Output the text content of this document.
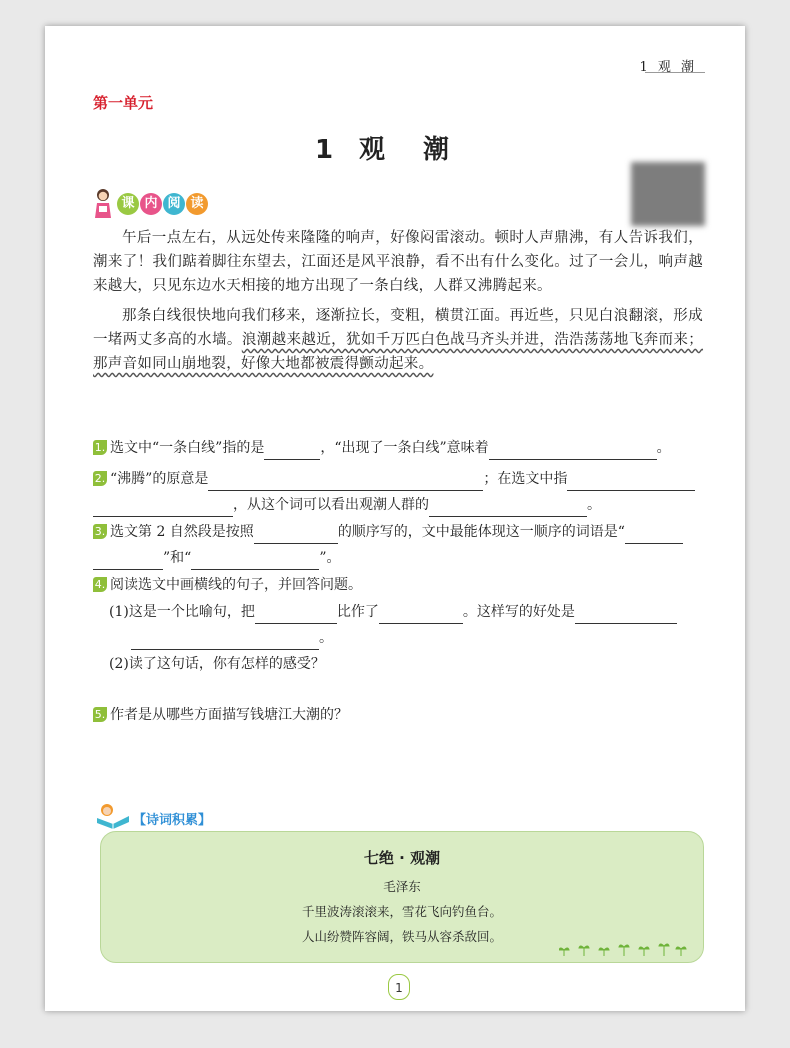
1 观 潮
第一单元
1 观　潮
课 内 阅 读

午后一点左右，从远处传来隆隆的响声，好像闷雷滚动。顿时人声鼎沸，有人告诉我们，潮来了！我们踮着脚往东望去，江面还是风平浪静，看不出有什么变化。过了一会儿，响声越来越大，只见东边水天相接的地方出现了一条白线，人群又沸腾起来。

那条白线很快地向我们移来，逐渐拉长，变粗，横贯江面。再近些，只见白浪翻滚，形成一堵两丈多高的水墙。浪潮越来越近，犹如千万匹白色战马齐头并进，浩浩荡荡地飞奔而来；那声音如同山崩地裂，好像大地都被震得颤动起来。

1. 选文中“一条白线”指的是	，“出现了一条白线”意味着	。
2. “沸腾”的原意是	；在选文中指
，从这个词可以看出观潮人群的	。
3. 选文第 2 自然段是按照	的顺序写的，文中最能体现这一顺序的词语是“
”和“	”。
4. 阅读选文中画横线的句子，并回答问题。
(1)这是一个比喻句，把	比作了	。这样写的好处是
。
(2)读了这句话，你有怎样的感受？
5. 作者是从哪些方面描写钱塘江大潮的？
【诗词积累】
七绝 · 观潮
毛泽东
千里波涛滚滚来，雪花飞向钓鱼台。
人山纷赞阵容阔，铁马从容杀敌回。
1
